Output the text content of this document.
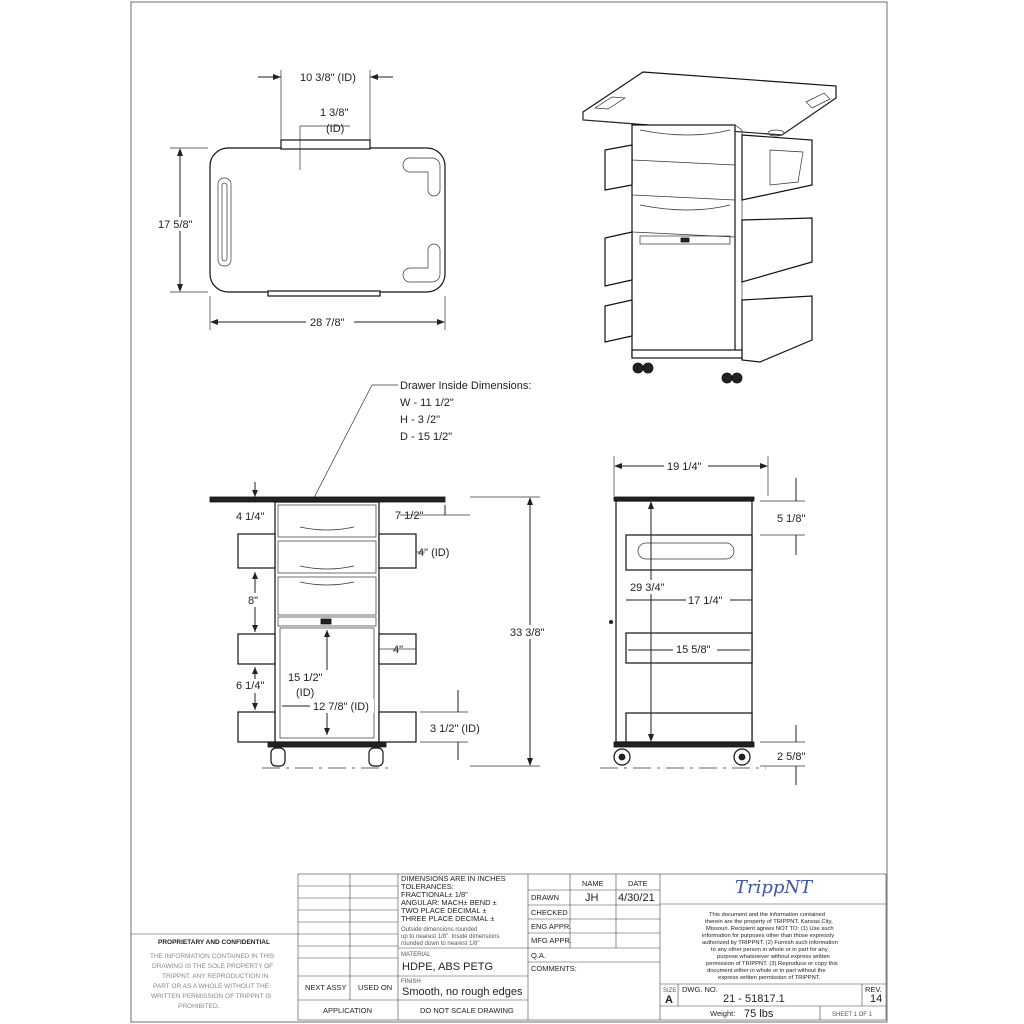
10 3/8" (ID)
1 3/8"
(ID)
17 5/8"
28 7/8"
Drawer Inside Dimensions:
W - 11 1/2"
H - 3 /2"
D - 15 1/2"
4 1/4"	7 1/2"
4" (ID)
8"
4"
15 1/2"
(ID)
6 1/4"
12 7/8" (ID)
3 1/2" (ID)
33 3/8"
19 1/4"
5 1/8"
29 3/4"
17 1/4"
15 5/8"
2 5/8"
PROPRIETARY AND CONFIDENTIAL
THE INFORMATION CONTAINED IN THIS
DRAWING IS THE SOLE PROPERTY OF
TRIPPNT. ANY REPRODUCTION IN
PART OR AS A WHOLE WITHOUT THE
WRITTEN PERMISSION OF TRIPPNT IS
PROHIBITED.
DIMENSIONS ARE IN INCHES
TOLERANCES:
FRACTIONAL± 1/8"
ANGULAR: MACH± BEND ±
TWO PLACE DECIMAL ±
THREE PLACE DECIMAL ±
Outside dimensions rounded
up to nearest 1/8". Inside dimensions
rounded down to nearest 1/8"
MATERIAL
HDPE, ABS PETG
FINISH
Smooth, no rough edges
NEXT ASSY USED ON
APPLICATION	DO NOT SCALE DRAWING
NAME	DATE
DRAWN JH 4/30/21
CHECKED
ENG APPR.
MFG APPR.
Q.A.
COMMENTS:
TrippNT
This document and the information contained
therein are the property of TRIPPNT, Kansas City,
Missouri. Recipient agrees NOT TO: (1) Use such
information for purposes other than those expressly
authorized by TRIPPNT. (2) Furnish such information
to any other person in whole or in part for any
purpose whatsoever without express written
permission of TRIPPNT. (3) Reproduce or copy this
document either in whole or in part without the
express written permission of TRIPPNT.
SIZE
A
DWG. NO.
21 - 51817.1
REV.
14
Weight: 75 lbs	SHEET 1 OF 1
